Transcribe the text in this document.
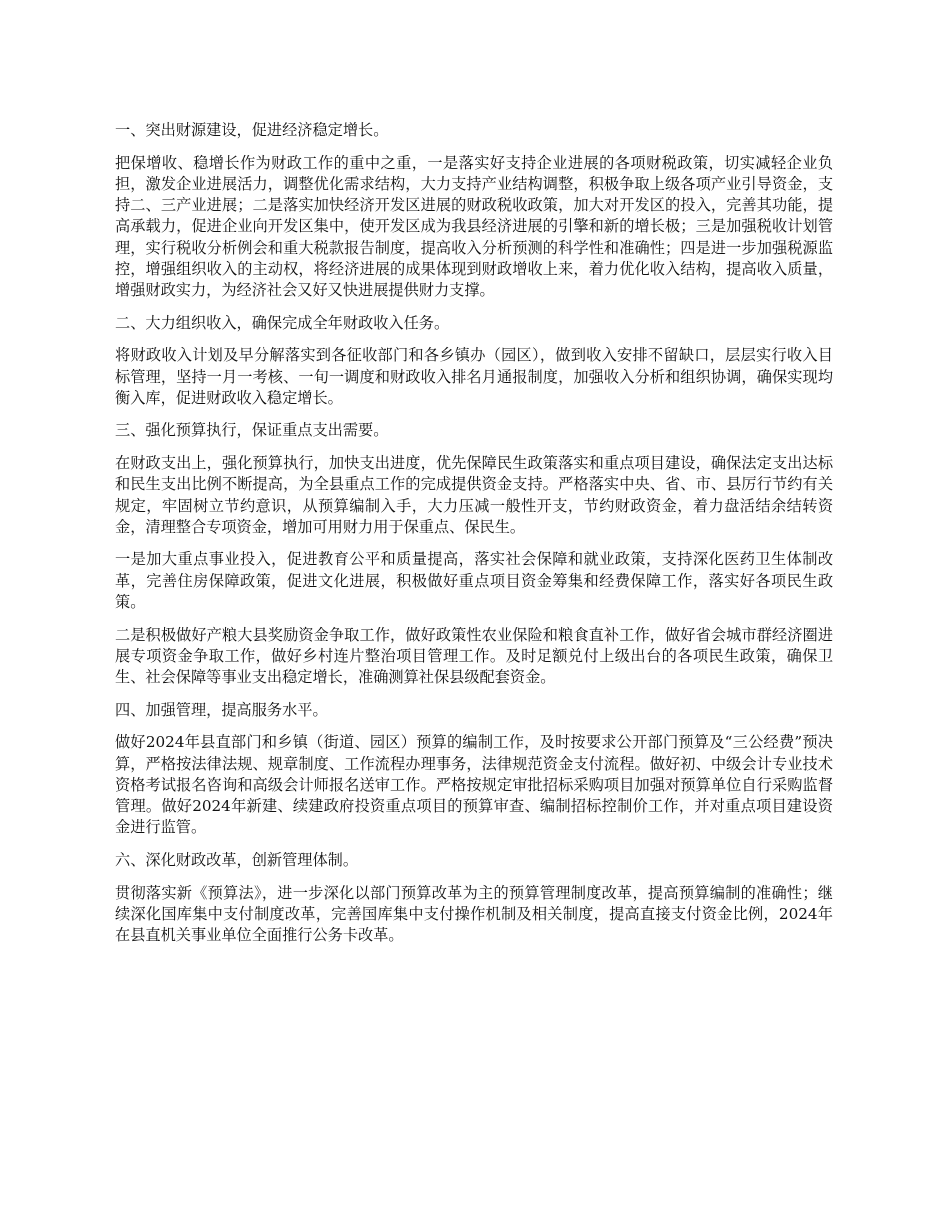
一、突出财源建设，促进经济稳定增长。

把保增收、稳增长作为财政工作的重中之重，一是落实好支持企业进展的各项财税政策，切实减轻企业负担，激发企业进展活力，调整优化需求结构，大力支持产业结构调整，积极争取上级各项产业引导资金，支持二、三产业进展；二是落实加快经济开发区进展的财政税收政策，加大对开发区的投入，完善其功能，提高承载力，促进企业向开发区集中，使开发区成为我县经济进展的引擎和新的增长极；三是加强税收计划管理，实行税收分析例会和重大税款报告制度，提高收入分析预测的科学性和准确性；四是进一步加强税源监控，增强组织收入的主动权，将经济进展的成果体现到财政增收上来，着力优化收入结构，提高收入质量，增强财政实力，为经济社会又好又快进展提供财力支撑。

二、大力组织收入，确保完成全年财政收入任务。

将财政收入计划及早分解落实到各征收部门和各乡镇办（园区），做到收入安排不留缺口，层层实行收入目标管理，坚持一月一考核、一旬一调度和财政收入排名月通报制度，加强收入分析和组织协调，确保实现均衡入库，促进财政收入稳定增长。

三、强化预算执行，保证重点支出需要。

在财政支出上，强化预算执行，加快支出进度，优先保障民生政策落实和重点项目建设，确保法定支出达标和民生支出比例不断提高，为全县重点工作的完成提供资金支持。严格落实中央、省、市、县厉行节约有关规定，牢固树立节约意识，从预算编制入手，大力压减一般性开支，节约财政资金，着力盘活结余结转资金，清理整合专项资金，增加可用财力用于保重点、保民生。

一是加大重点事业投入，促进教育公平和质量提高，落实社会保障和就业政策，支持深化医药卫生体制改革，完善住房保障政策，促进文化进展，积极做好重点项目资金筹集和经费保障工作，落实好各项民生政策。

二是积极做好产粮大县奖励资金争取工作，做好政策性农业保险和粮食直补工作，做好省会城市群经济圈进展专项资金争取工作，做好乡村连片整治项目管理工作。及时足额兑付上级出台的各项民生政策，确保卫生、社会保障等事业支出稳定增长，准确测算社保县级配套资金。

四、加强管理，提高服务水平。

做好2024年县直部门和乡镇（街道、园区）预算的编制工作，及时按要求公开部门预算及“三公经费”预决算，严格按法律法规、规章制度、工作流程办理事务，法律规范资金支付流程。做好初、中级会计专业技术资格考试报名咨询和高级会计师报名送审工作。严格按规定审批招标采购项目加强对预算单位自行采购监督管理。做好2024年新建、续建政府投资重点项目的预算审查、编制招标控制价工作，并对重点项目建设资金进行监管。

六、深化财政改革，创新管理体制。

贯彻落实新《预算法》，进一步深化以部门预算改革为主的预算管理制度改革，提高预算编制的准确性；继续深化国库集中支付制度改革，完善国库集中支付操作机制及相关制度，提高直接支付资金比例，2024年在县直机关事业单位全面推行公务卡改革。
